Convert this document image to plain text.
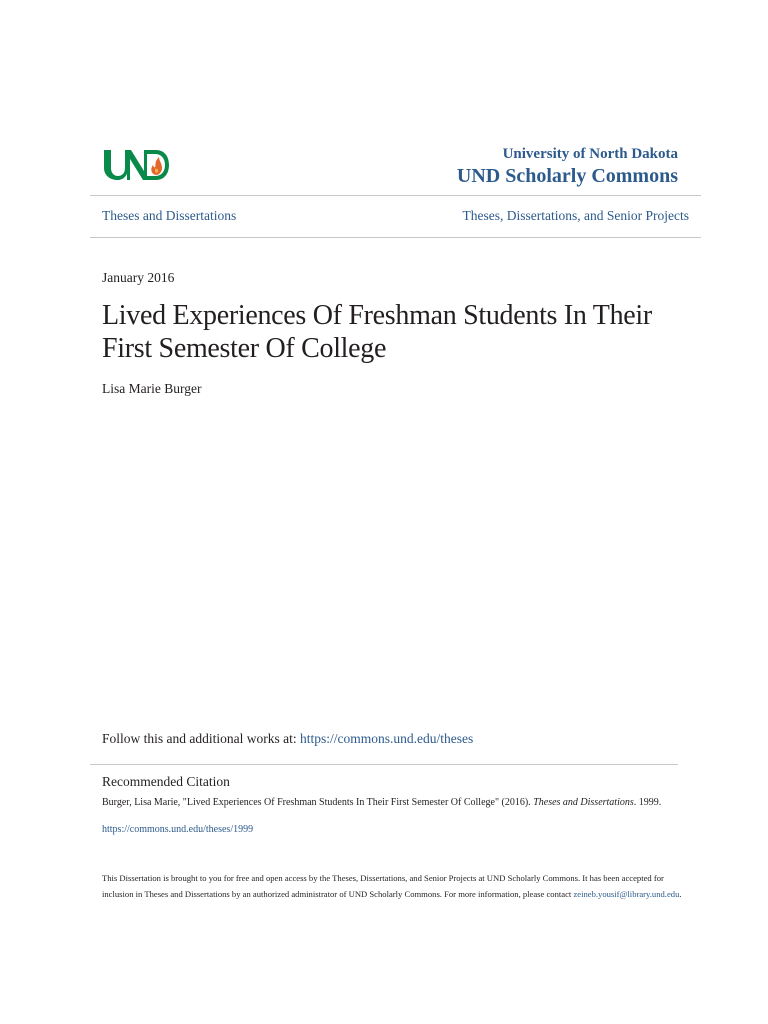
University of North Dakota
UND Scholarly Commons
Theses and Dissertations	Theses, Dissertations, and Senior Projects
January 2016
Lived Experiences Of Freshman Students In Their First Semester Of College
Lisa Marie Burger
Follow this and additional works at: https://commons.und.edu/theses
Recommended Citation
Burger, Lisa Marie, "Lived Experiences Of Freshman Students In Their First Semester Of College" (2016). Theses and Dissertations. 1999.
https://commons.und.edu/theses/1999
This Dissertation is brought to you for free and open access by the Theses, Dissertations, and Senior Projects at UND Scholarly Commons. It has been accepted for inclusion in Theses and Dissertations by an authorized administrator of UND Scholarly Commons. For more information, please contact zeineb.yousif@library.und.edu.
